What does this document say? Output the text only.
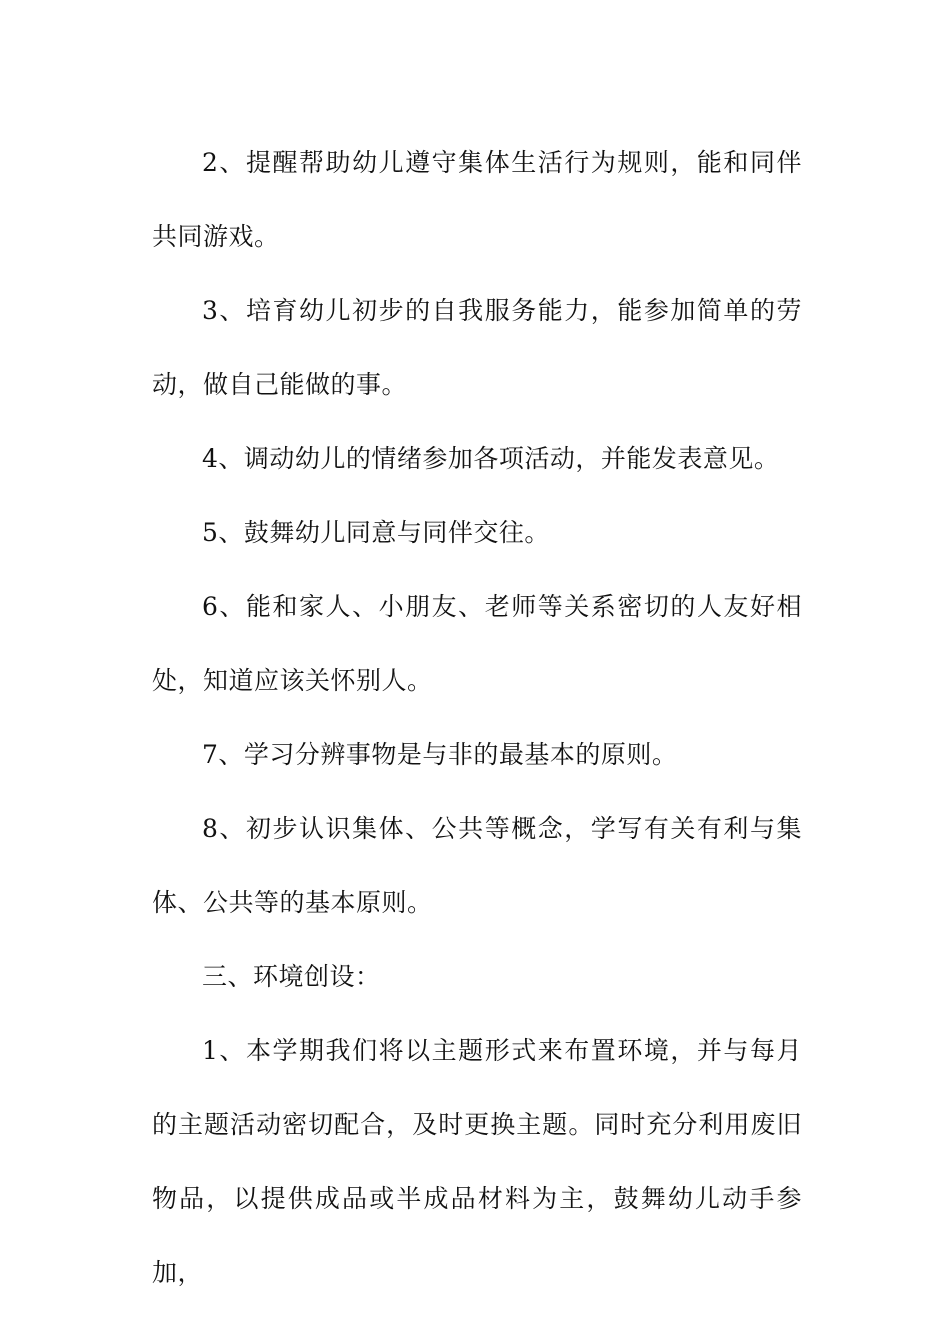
2、提醒帮助幼儿遵守集体生活行为规则，能和同伴共同游戏。

3、培育幼儿初步的自我服务能力，能参加简单的劳动，做自己能做的事。

4、调动幼儿的情绪参加各项活动，并能发表意见。

5、鼓舞幼儿同意与同伴交往。

6、能和家人、小朋友、老师等关系密切的人友好相处，知道应该关怀别人。

7、学习分辨事物是与非的最基本的原则。

8、初步认识集体、公共等概念，学写有关有利与集体、公共等的基本原则。

三、环境创设：

1、本学期我们将以主题形式来布置环境，并与每月的主题活动密切配合，及时更换主题。同时充分利用废旧物品，以提供成品或半成品材料为主，鼓舞幼儿动手参加，
